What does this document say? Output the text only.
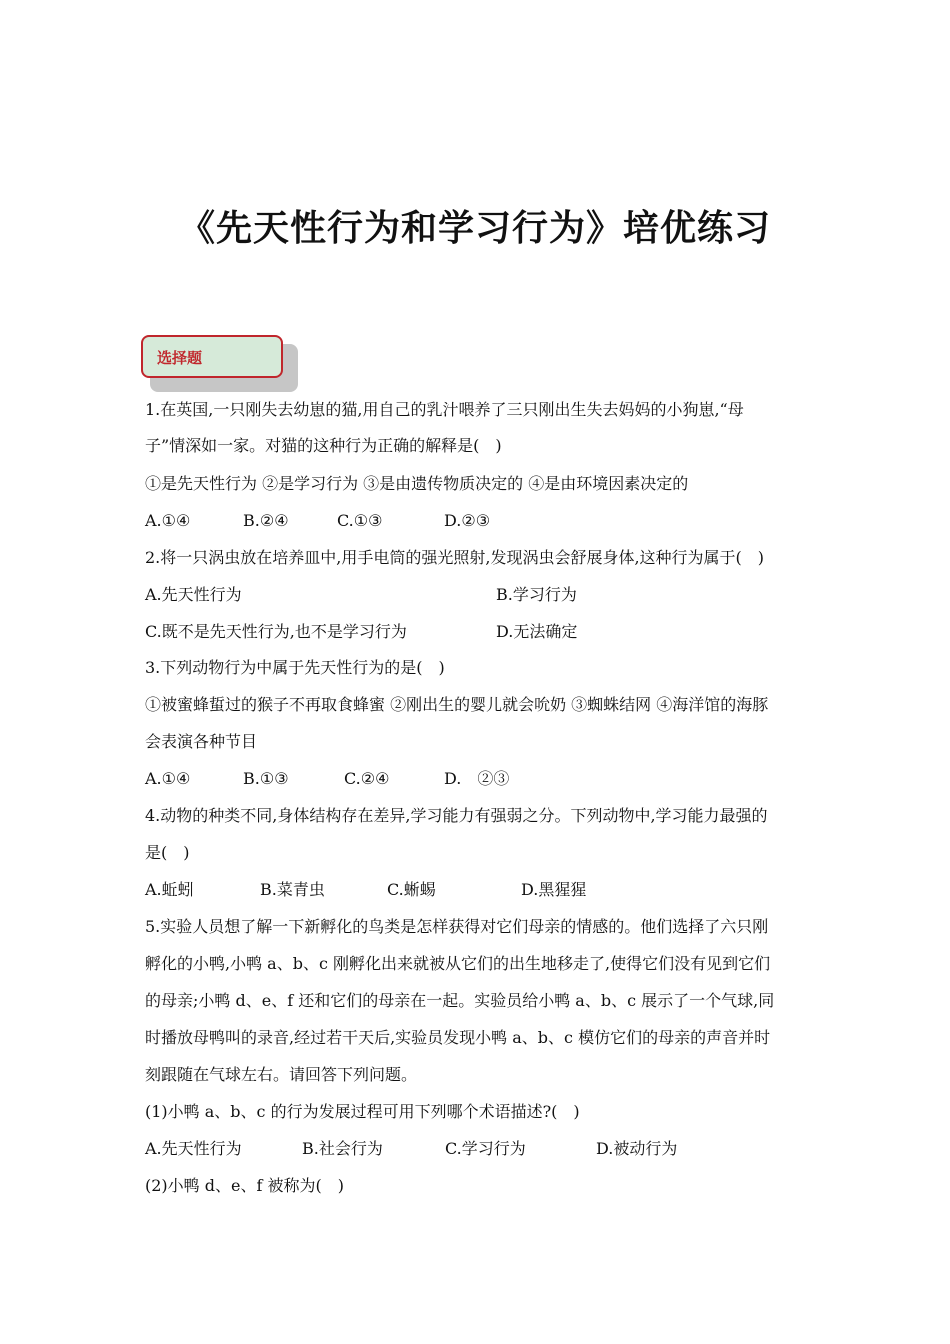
《先天性行为和学习行为》培优练习
选择题
1.在英国,一只刚失去幼崽的猫,用自己的乳汁喂养了三只刚出生失去妈妈的小狗崽,“母
子”情深如一家。对猫的这种行为正确的解释是(　)
①是先天性行为 ②是学习行为 ③是由遗传物质决定的 ④是由环境因素决定的
A.①④	B.②④	C.①③	D.②③
2.将一只涡虫放在培养皿中,用手电筒的强光照射,发现涡虫会舒展身体,这种行为属于(　)
A.先天性行为	B.学习行为
C.既不是先天性行为,也不是学习行为	D.无法确定
3.下列动物行为中属于先天性行为的是(　)
①被蜜蜂蜇过的猴子不再取食蜂蜜 ②刚出生的婴儿就会吮奶 ③蜘蛛结网 ④海洋馆的海豚
会表演各种节目
A.①④	B.①③	C.②④	D.　②③
4.动物的种类不同,身体结构存在差异,学习能力有强弱之分。下列动物中,学习能力最强的
是(　)
A.蚯蚓	B.菜青虫	C.蜥蜴	D.黑猩猩
5.实验人员想了解一下新孵化的鸟类是怎样获得对它们母亲的情感的。他们选择了六只刚
孵化的小鸭,小鸭 a、b、c 刚孵化出来就被从它们的出生地移走了,使得它们没有见到它们
的母亲;小鸭 d、e、f 还和它们的母亲在一起。实验员给小鸭 a、b、c 展示了一个气球,同
时播放母鸭叫的录音,经过若干天后,实验员发现小鸭 a、b、c 模仿它们的母亲的声音并时
刻跟随在气球左右。请回答下列问题。
(1)小鸭 a、b、c 的行为发展过程可用下列哪个术语描述?(　)
A.先天性行为	B.社会行为	C.学习行为	D.被动行为
(2)小鸭 d、e、f 被称为(　)
